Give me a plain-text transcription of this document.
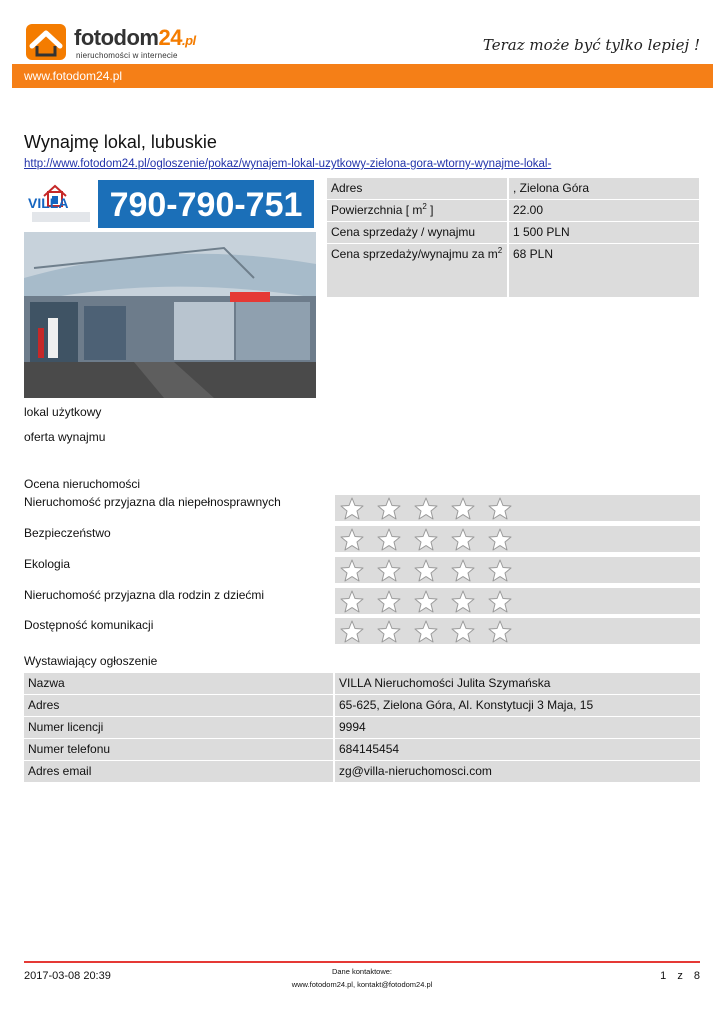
fotodom24.pl
nieruchomości w internecie
Teraz może być tylko lepiej !
www.fotodom24.pl
Wynajmę lokal, lubuskie
http://www.fotodom24.pl/ogloszenie/pokaz/wynajem-lokal-uzytkowy-zielona-gora-wtorny-wynajme-lokal-
VILLA 790-790-751	Adres	, Zielona Góra
Powierzchnia [ $m^2$ ]	22.00
Cena sprzedaży / wynajmu	1 500 PLN
Cena sprzedaży/wynajmu za $m^2$ 68 PLN
lokal użytkowy
oferta wynajmu
Ocena nieruchomości
Nieruchomość przyjazna dla niepełnosprawnych
Bezpieczeństwo
Ekologia
Nieruchomość przyjazna dla rodzin z dziećmi
Dostępność komunikacji
Wystawiający ogłoszenie
Nazwa	VILLA Nieruchomości Julita Szymańska
Adres	65-625, Zielona Góra, Al. Konstytucji 3 Maja, 15
Numer licencji	9994
Numer telefonu	684145454
Adres email	zg@villa-nieruchomosci.com
2017-03-08 20:39	Dane kontaktowe:
www.fotodom24.pl, kontakt@fotodom24.pl
1 z 8
